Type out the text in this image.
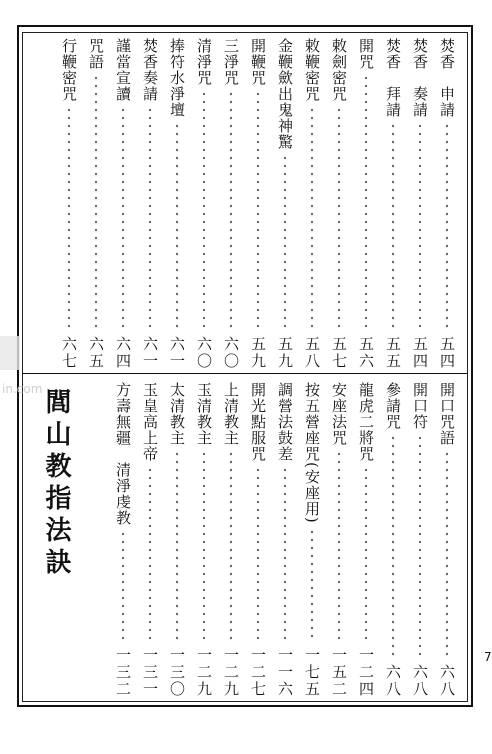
in.com
焚香　申請
五四
焚香　奏請
五四
焚香　拜請
五五
開咒
五六
敕劍密咒
五七
敕鞭密咒
五八
金鞭歛出鬼神驚
五九
開鞭咒
五九
三淨咒
六〇
清淨咒
六〇
捧符水淨壇
六一
焚香奏請
六一
謹當宣讀
六四
咒語
六五
行鞭密咒
六七
開口咒語
六八
開口符
六八
參請咒
六八
龍虎二將咒
一二四
安座法咒
一五二
按五營座咒(安座用)
一七五
調營法鼓差
一一六
開光點服咒
一二七
上清教主
一二九
玉清教主
一二九
太清教主
一三〇
玉皇高上帝
一三一
方壽無疆　清淨虔教
一三二
閭山教指法訣
7
